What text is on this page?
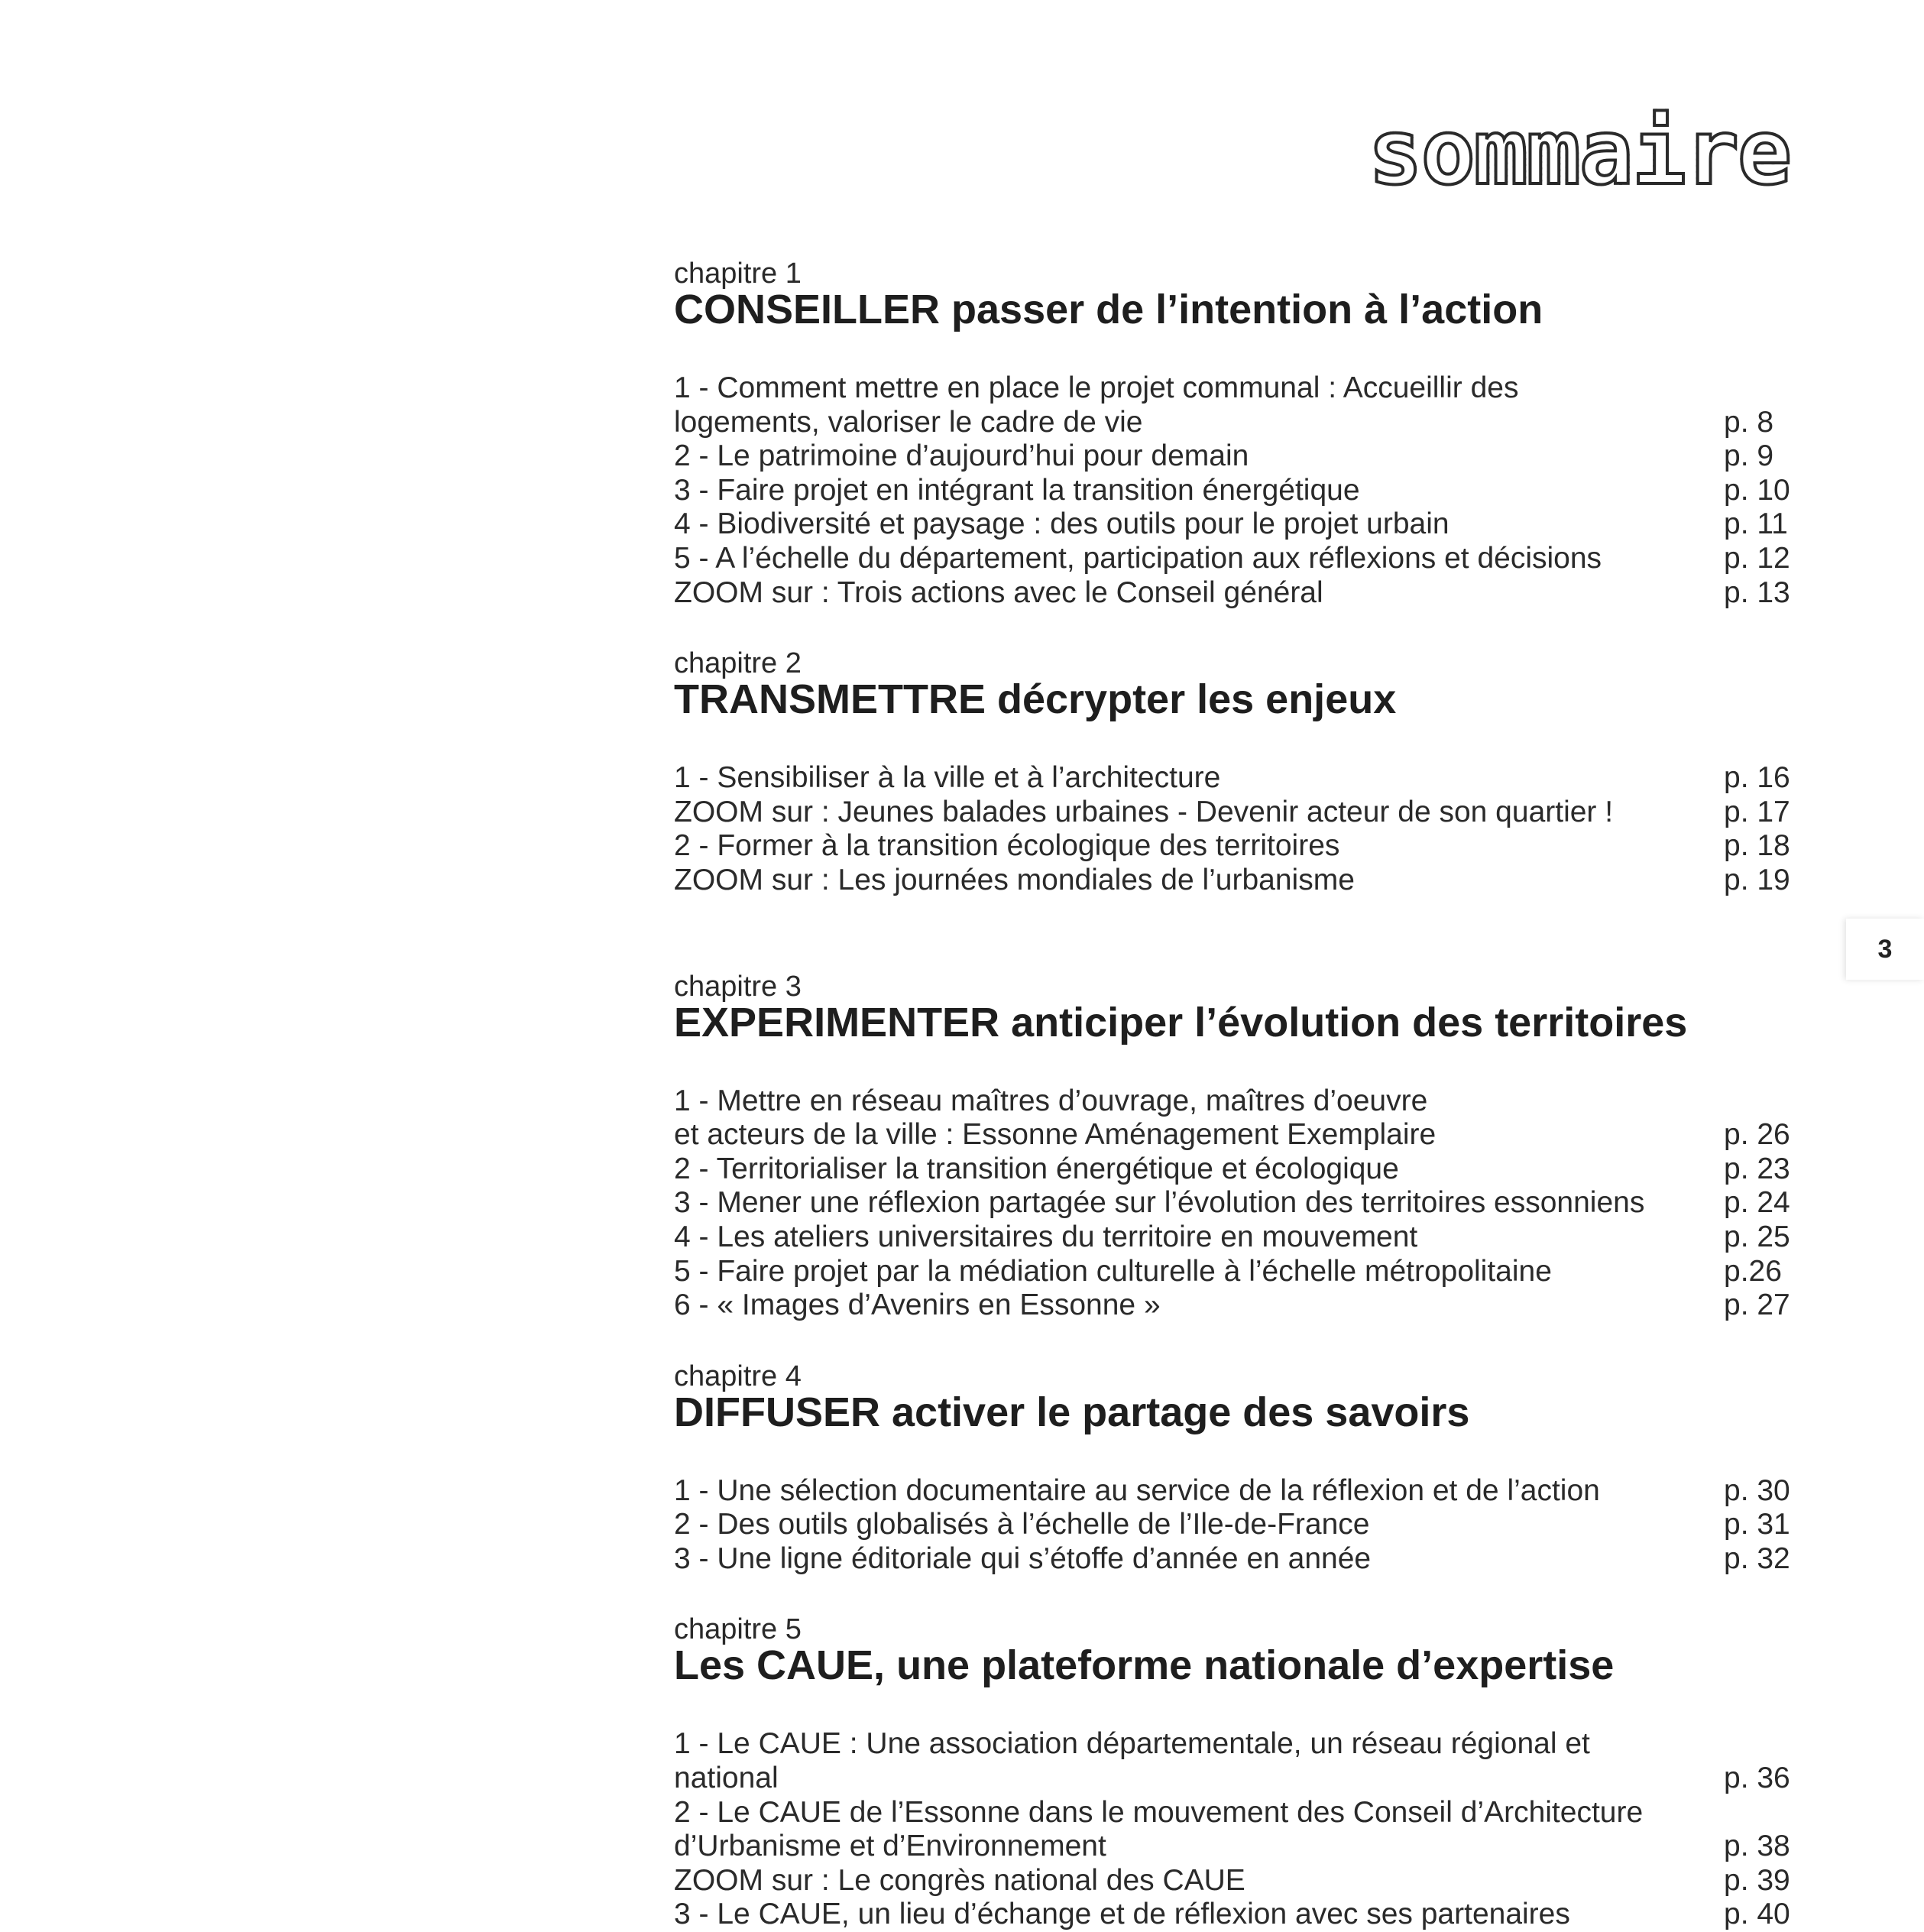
sommaire
chapitre 1
CONSEILLER passer de l’intention à l’action
1 - Comment mettre en place le projet communal : Accueillir des
logements, valoriser le cadre de vie	p. 8
2 - Le patrimoine d’aujourd’hui pour demain	p. 9
3 - Faire projet en intégrant la transition énergétique	p. 10
4 - Biodiversité et paysage : des outils pour le projet urbain	p. 11
5 - A l’échelle du département, participation aux réflexions et décisions	p. 12
ZOOM sur : Trois actions avec le Conseil général	p. 13
chapitre 2
TRANSMETTRE décrypter les enjeux
1 - Sensibiliser à la ville et à l’architecture	p. 16
ZOOM sur : Jeunes balades urbaines - Devenir acteur de son quartier !	p. 17
2 - Former à la transition écologique des territoires	p. 18
ZOOM sur : Les journées mondiales de l’urbanisme	p. 19
chapitre 3
EXPERIMENTER anticiper l’évolution des territoires
1 - Mettre en réseau maîtres d’ouvrage, maîtres d’oeuvre
et acteurs de la ville : Essonne Aménagement Exemplaire	p. 26
2 - Territorialiser la transition énergétique et écologique	p. 23
3 - Mener une réflexion partagée sur l’évolution des territoires essonniens	p. 24
4 - Les ateliers universitaires du territoire en mouvement	p. 25
5 - Faire projet par la médiation culturelle à l’échelle métropolitaine	p.26
6 - « Images d’Avenirs en Essonne »	p. 27
chapitre 4
DIFFUSER activer le partage des savoirs
1 - Une sélection documentaire au service de la réflexion et de l’action	p. 30
2 - Des outils globalisés à l’échelle de l’Ile-de-France	p. 31
3 - Une ligne éditoriale qui s’étoffe d’année en année	p. 32
chapitre 5
Les CAUE, une plateforme nationale d’expertise
1 - Le CAUE : Une association départementale, un réseau régional et national	p. 36
2 - Le CAUE de l’Essonne dans le mouvement des Conseil d’Architecture
d’Urbanisme et d’Environnement	p. 38
ZOOM sur : Le congrès national des CAUE	p. 39
3 - Le CAUE, un lieu d’échange et de réflexion avec ses partenaires	p. 40
3
